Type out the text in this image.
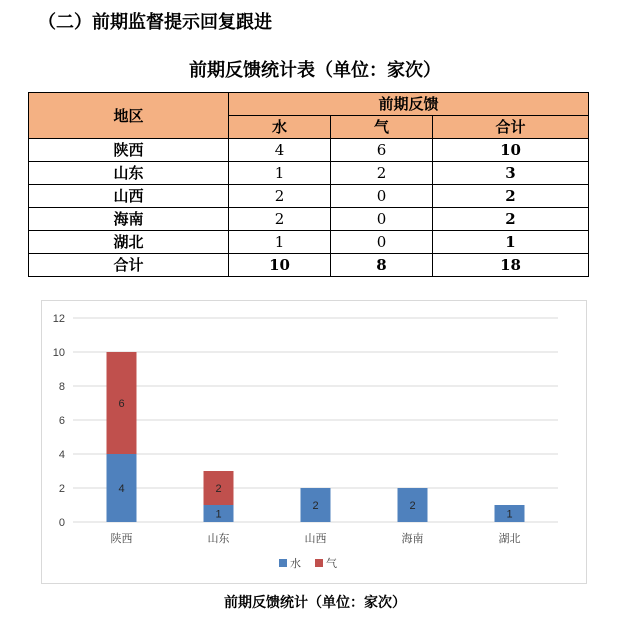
（二）前期监督提示回复跟进
前期反馈统计表（单位：家次）
地区	前期反馈		
	水	气	合计
陕西	4	6	10
山东	1	2	3
山西	2	0	2
海南	2	0	2
湖北	1	0	1
合计	10	8	18
0
2
4
6
8
10
12
4
6
陕西
1
2
山东
2
山西
2
海南
1
湖北
水 气
前期反馈统计（单位：家次）
